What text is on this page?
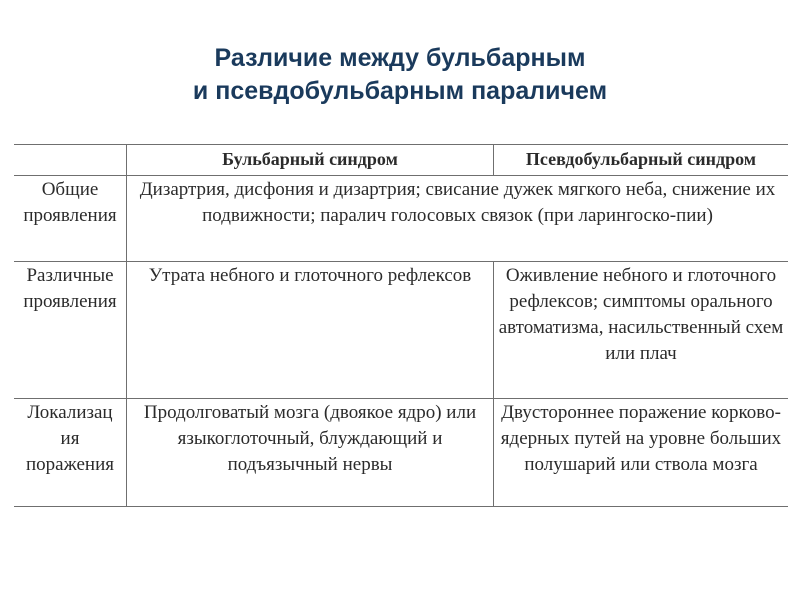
Различие между бульбарным
и псевдобульбарным параличем
	Бульбарный синдром	Псевдобульбарный синдром
Общие проявления	Дизартрия, дисфония и дизартрия; свисание дужек мягкого неба, снижение их подвижности; паралич голосовых связок (при ларингоско-пии)	
Различные проявления	Утрата небного и глоточного рефлексов	Оживление небного и глоточного рефлексов; симптомы орального автоматизма, насильственный схем или плач
Локализац ия поражения	Продолговатый мозга (двоякое ядро) или языкоглоточный, блуждающий и подъязычный нервы	Двустороннее поражение корково-ядерных путей на уровне больших полушарий или ствола мозга
